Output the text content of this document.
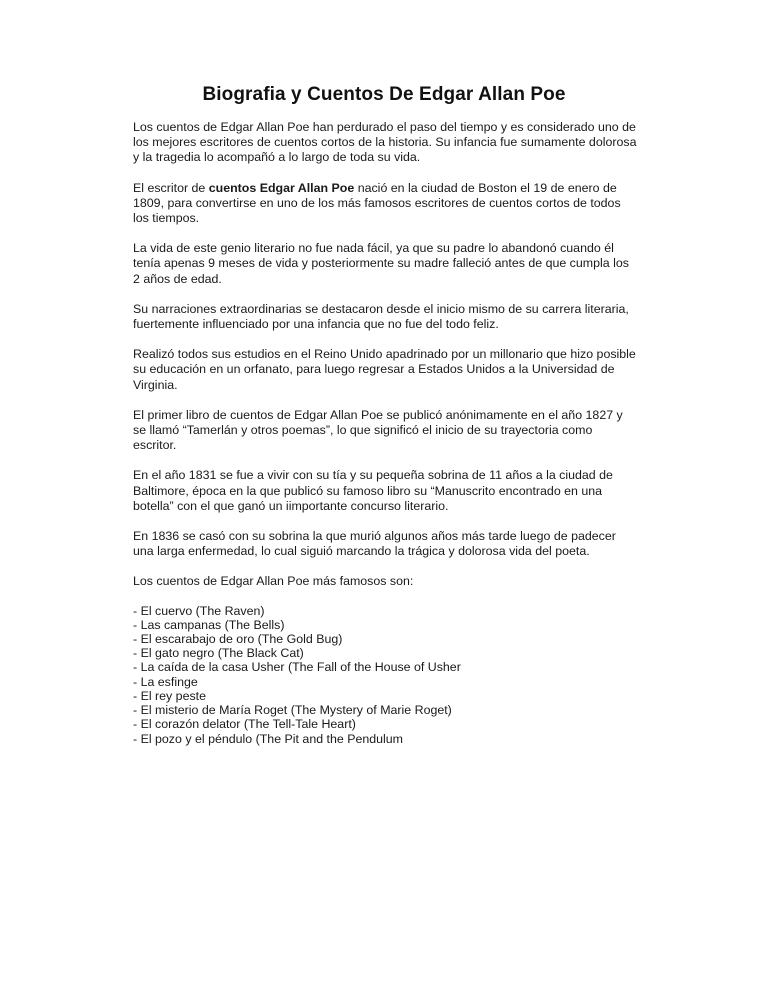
Biografia y Cuentos De Edgar Allan Poe

Los cuentos de Edgar Allan Poe han perdurado el paso del tiempo y es considerado uno de los mejores escritores de cuentos cortos de la historia. Su infancia fue sumamente dolorosa y la tragedia lo acompañó a lo largo de toda su vida.

El escritor de cuentos Edgar Allan Poe nació en la ciudad de Boston el 19 de enero de 1809, para convertirse en uno de los más famosos escritores de cuentos cortos de todos los tiempos.

La vida de este genio literario no fue nada fácil, ya que su padre lo abandonó cuando él tenía apenas 9 meses de vida y posteriormente su madre falleció antes de que cumpla los 2 años de edad.

Su narraciones extraordinarias se destacaron desde el inicio mismo de su carrera literaria, fuertemente influenciado por una infancia que no fue del todo feliz.

Realizó todos sus estudios en el Reino Unido apadrinado por un millonario que hizo posible su educación en un orfanato, para luego regresar a Estados Unidos a la Universidad de Virginia.

El primer libro de cuentos de Edgar Allan Poe se publicó anónimamente en el año 1827 y se llamó “Tamerlán y otros poemas”, lo que significó el inicio de su trayectoria como escritor.

En el año 1831 se fue a vivir con su tía y su pequeña sobrina de 11 años a la ciudad de Baltimore, época en la que publicó su famoso libro su “Manuscrito encontrado en una botella” con el que ganó un iimportante concurso literario.

En 1836 se casó con su sobrina la que murió algunos años más tarde luego de padecer una larga enfermedad, lo cual siguió marcando la trágica y dolorosa vida del poeta.

Los cuentos de Edgar Allan Poe más famosos son:

- El cuervo (The Raven)
- Las campanas (The Bells)
- El escarabajo de oro (The Gold Bug)
- El gato negro (The Black Cat)
- La caída de la casa Usher (The Fall of the House of Usher
- La esfinge
- El rey peste
- El misterio de María Roget (The Mystery of Marie Roget)
- El corazón delator (The Tell-Tale Heart)
- El pozo y el péndulo (The Pit and the Pendulum
